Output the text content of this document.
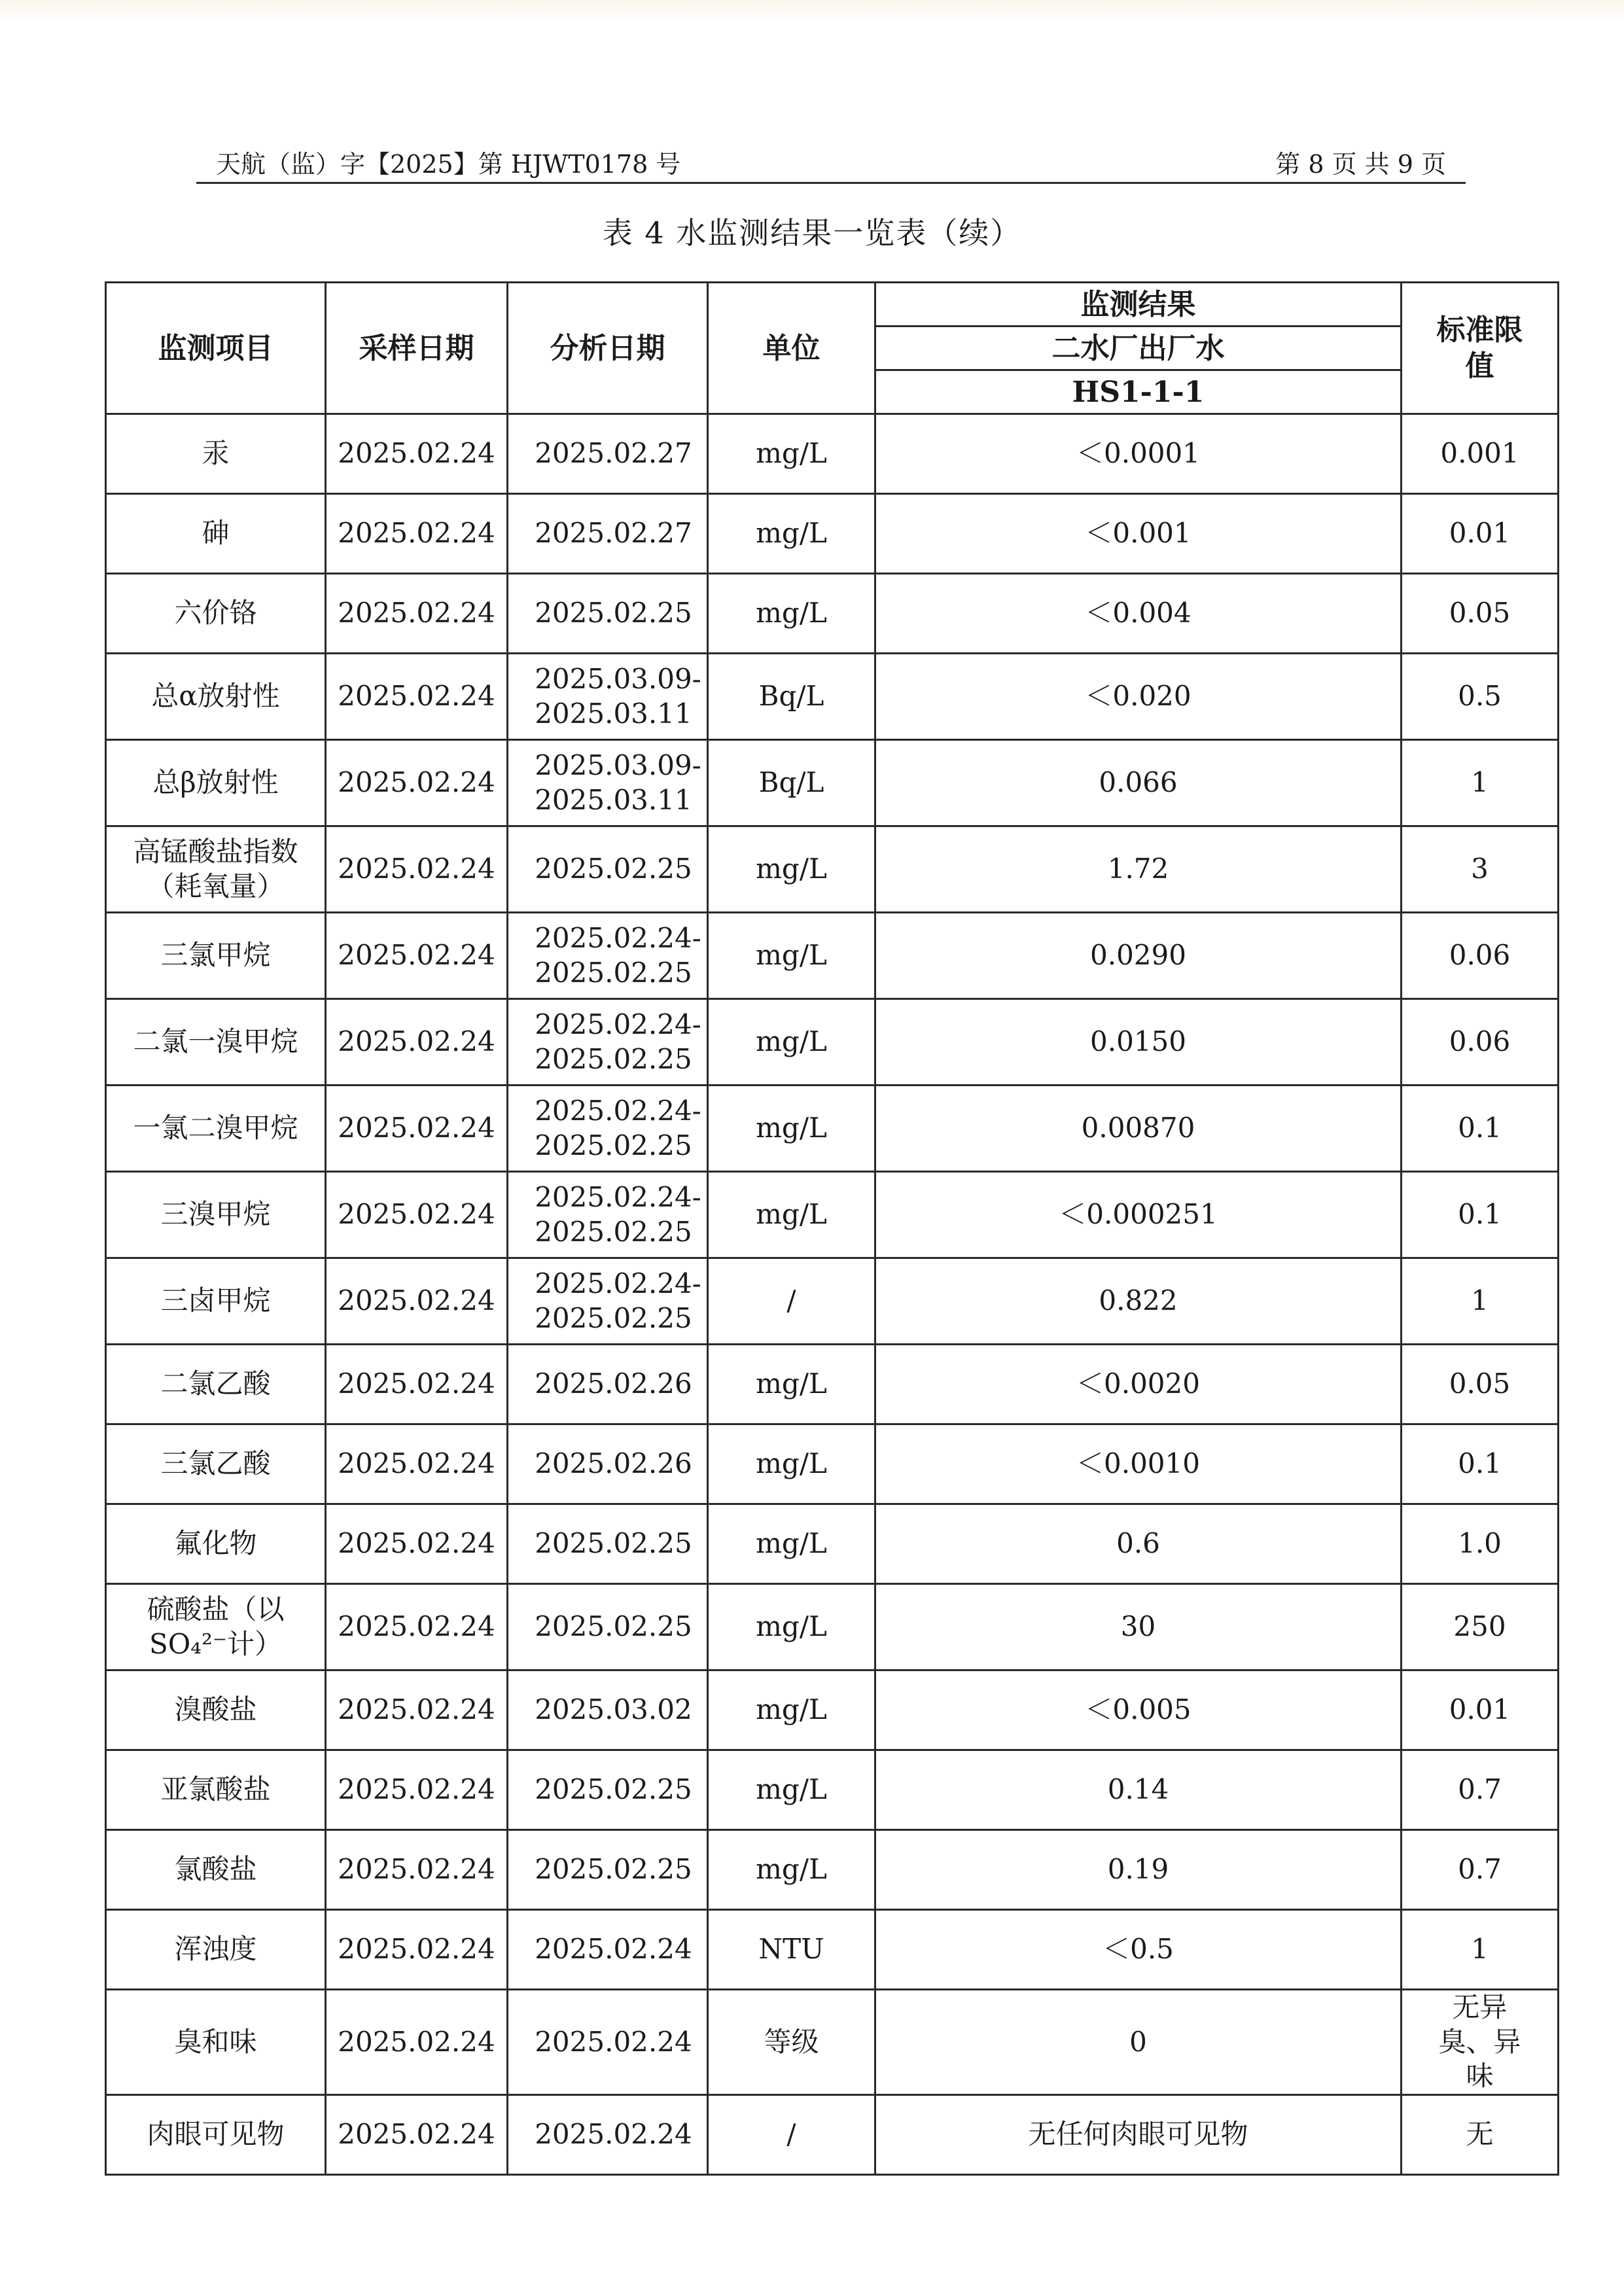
天航（监）字【2025】第 HJWT0178 号	第 8 页 共 9 页
表 4 水监测结果一览表（续）
监测项目	采样日期	分析日期	单位	监测结果	标准限值
				二水厂出厂水	
				HS1-1-1	
汞	2025.02.24	2025.02.27	mg/L	＜0.0001	0.001
砷	2025.02.24	2025.02.27	mg/L	＜0.001	0.01
六价铬	2025.02.24	2025.02.25	mg/L	＜0.004	0.05
总α放射性	2025.02.24	2025.03.09-2025.03.11	Bq/L	＜0.020	0.5
总β放射性	2025.02.24	2025.03.09-2025.03.11	Bq/L	0.066	1
高锰酸盐指数（耗氧量）	2025.02.24	2025.02.25	mg/L	1.72	3
三氯甲烷	2025.02.24	2025.02.24-2025.02.25	mg/L	0.0290	0.06
二氯一溴甲烷	2025.02.24	2025.02.24-2025.02.25	mg/L	0.0150	0.06
一氯二溴甲烷	2025.02.24	2025.02.24-2025.02.25	mg/L	0.00870	0.1
三溴甲烷	2025.02.24	2025.02.24-2025.02.25	mg/L	＜0.000251	0.1
三卤甲烷	2025.02.24	2025.02.24-2025.02.25	/	0.822	1
二氯乙酸	2025.02.24	2025.02.26	mg/L	＜0.0020	0.05
三氯乙酸	2025.02.24	2025.02.26	mg/L	＜0.0010	0.1
氟化物	2025.02.24	2025.02.25	mg/L	0.6	1.0
硫酸盐（以SO₄²⁻计）	2025.02.24	2025.02.25	mg/L	30	250
溴酸盐	2025.02.24	2025.03.02	mg/L	＜0.005	0.01
亚氯酸盐	2025.02.24	2025.02.25	mg/L	0.14	0.7
氯酸盐	2025.02.24	2025.02.25	mg/L	0.19	0.7
浑浊度	2025.02.24	2025.02.24	NTU	＜0.5	1
臭和味	2025.02.24	2025.02.24	等级	0	无异臭、异味
肉眼可见物	2025.02.24	2025.02.24	/	无任何肉眼可见物	无
